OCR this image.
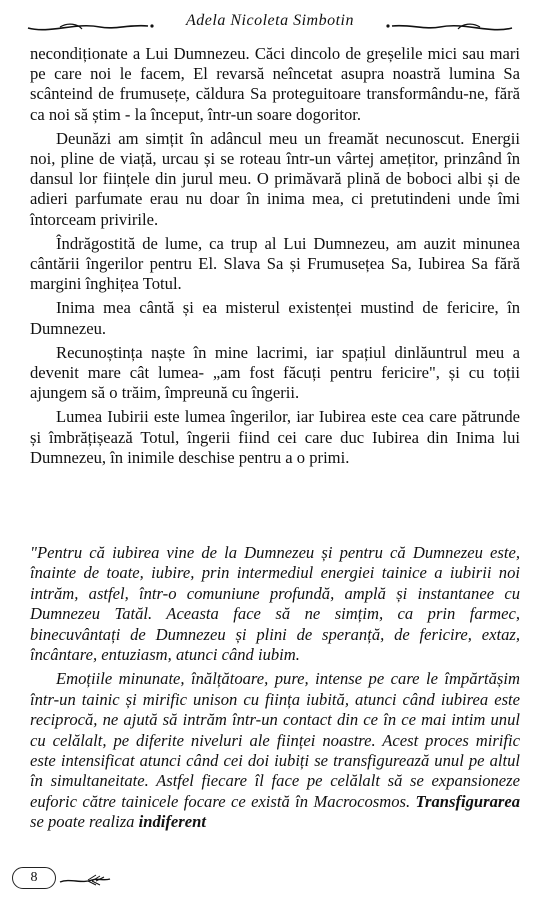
Adela Nicoleta Simbotin

necondiționate a Lui Dumnezeu. Căci dincolo de greșelile mici sau mari pe care noi le facem, El revarsă neîncetat asupra noastră lumina Sa scânteind de frumusețe, căldura Sa proteguitoare transformându-ne, fără ca noi să știm - la început, într-un soare dogoritor.

Deunăzi am simțit în adâncul meu un freamăt necunoscut. Energii noi, pline de viață, urcau și se roteau într-un vârtej amețitor, prinzând în dansul lor ființele din jurul meu. O primăvară plină de boboci albi și de adieri parfumate erau nu doar în inima mea, ci pretutindeni unde îmi întorceam privirile.

Îndrăgostită de lume, ca trup al Lui Dumnezeu, am auzit minunea cântării îngerilor pentru El. Slava Sa și Frumusețea Sa, Iubirea Sa fără margini înghițea Totul.

Inima mea cântă și ea misterul existenței mustind de fericire, în Dumnezeu.

Recunoștința naște în mine lacrimi, iar spațiul dinlăuntrul meu a devenit mare cât lumea- „am fost făcuți pentru fericire", și cu toții ajungem să o trăim, împreună cu îngerii.

Lumea Iubirii este lumea îngerilor, iar Iubirea este cea care pătrunde și îmbrățișează Totul, îngerii fiind cei care duc Iubirea din Inima lui Dumnezeu, în inimile deschise pentru a o primi.

"Pentru că iubirea vine de la Dumnezeu și pentru că Dumnezeu este, înainte de toate, iubire, prin intermediul energiei tainice a iubirii noi intrăm, astfel, într-o comuniune profundă, amplă și instantanee cu Dumnezeu Tatăl. Aceasta face să ne simțim, ca prin farmec, binecuvântați de Dumnezeu și plini de speranță, de fericire, extaz, încântare, entuziasm, atunci când iubim.

Emoțiile minunate, înălțătoare, pure, intense pe care le împărtășim într-un tainic și mirific unison cu ființa iubită, atunci când iubirea este reciprocă, ne ajută să intrăm într-un contact din ce în ce mai intim unul cu celălalt, pe diferite niveluri ale ființei noastre. Acest proces mirific este intensificat atunci când cei doi iubiți se transfigurează unul pe altul în simultaneitate. Astfel fiecare îl face pe celălalt să se expansioneze euforic către tainicele focare ce există în Macrocosmos. Transfigurarea se poate realiza indiferent

8
